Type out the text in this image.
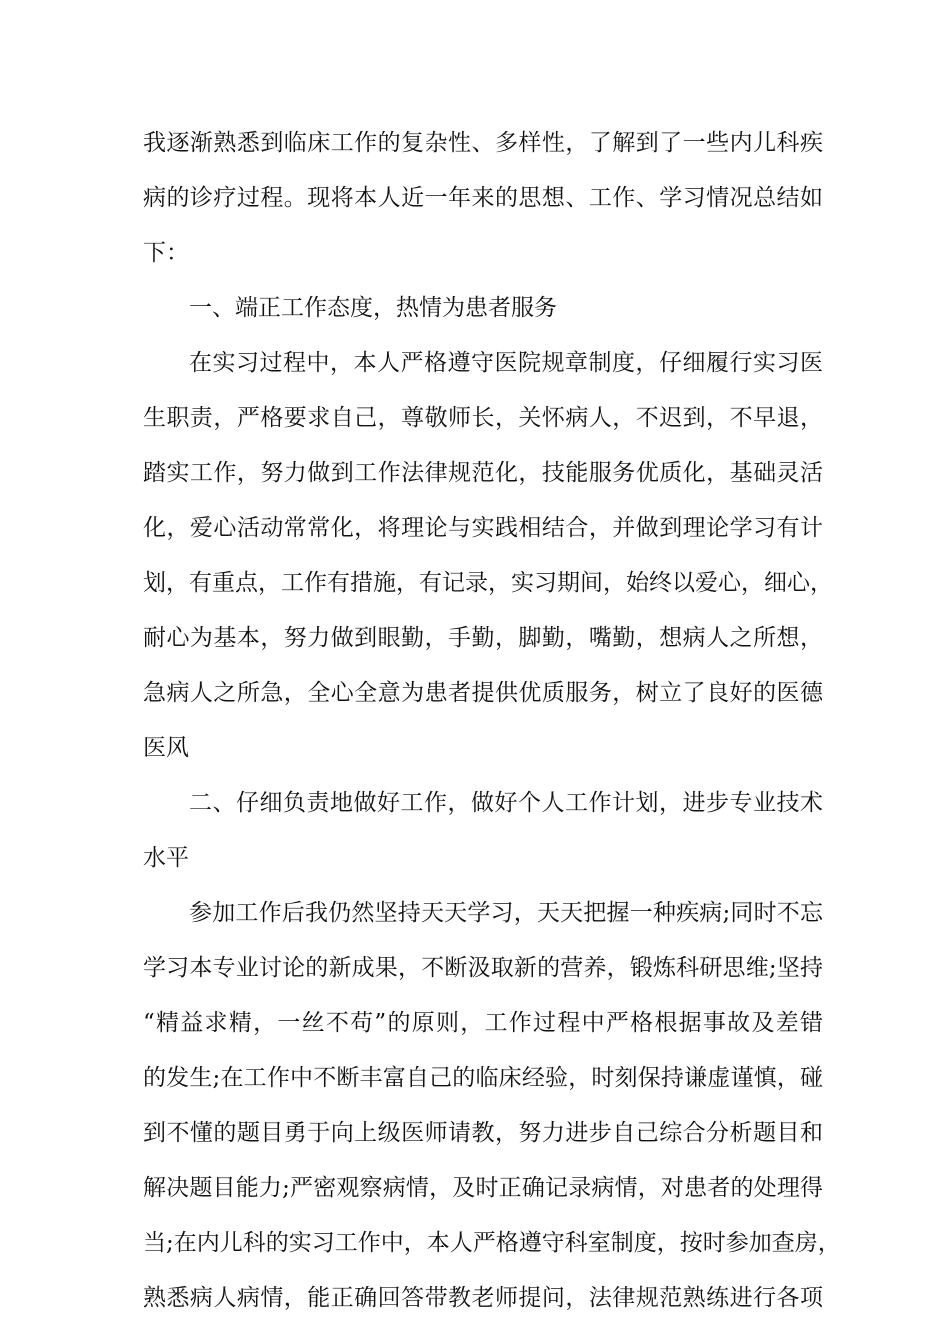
我逐渐熟悉到临床工作的复杂性、多样性，了解到了一些内儿科疾
病的诊疗过程。现将本人近一年来的思想、工作、学习情况总结如
下：
一、端正工作态度，热情为患者服务
在实习过程中，本人严格遵守医院规章制度，仔细履行实习医
生职责，严格要求自己，尊敬师长，关怀病人，不迟到，不早退，
踏实工作，努力做到工作法律规范化，技能服务优质化，基础灵活
化，爱心活动常常化，将理论与实践相结合，并做到理论学习有计
划，有重点，工作有措施，有记录，实习期间，始终以爱心，细心，
耐心为基本，努力做到眼勤，手勤，脚勤，嘴勤，想病人之所想，
急病人之所急，全心全意为患者提供优质服务，树立了良好的医德
医风
二、仔细负责地做好工作，做好个人工作计划，进步专业技术
水平
参加工作后我仍然坚持天天学习，天天把握一种疾病;同时不忘
学习本专业讨论的新成果，不断汲取新的营养，锻炼科研思维;坚持
“精益求精，一丝不苟”的原则，工作过程中严格根据事故及差错
的发生;在工作中不断丰富自己的临床经验，时刻保持谦虚谨慎，碰
到不懂的题目勇于向上级医师请教，努力进步自己综合分析题目和
解决题目能力;严密观察病情，及时正确记录病情，对患者的处理得
当;在内儿科的实习工作中，本人严格遵守科室制度，按时参加查房，
熟悉病人病情，能正确回答带教老师提问，法律规范熟练进行各项
